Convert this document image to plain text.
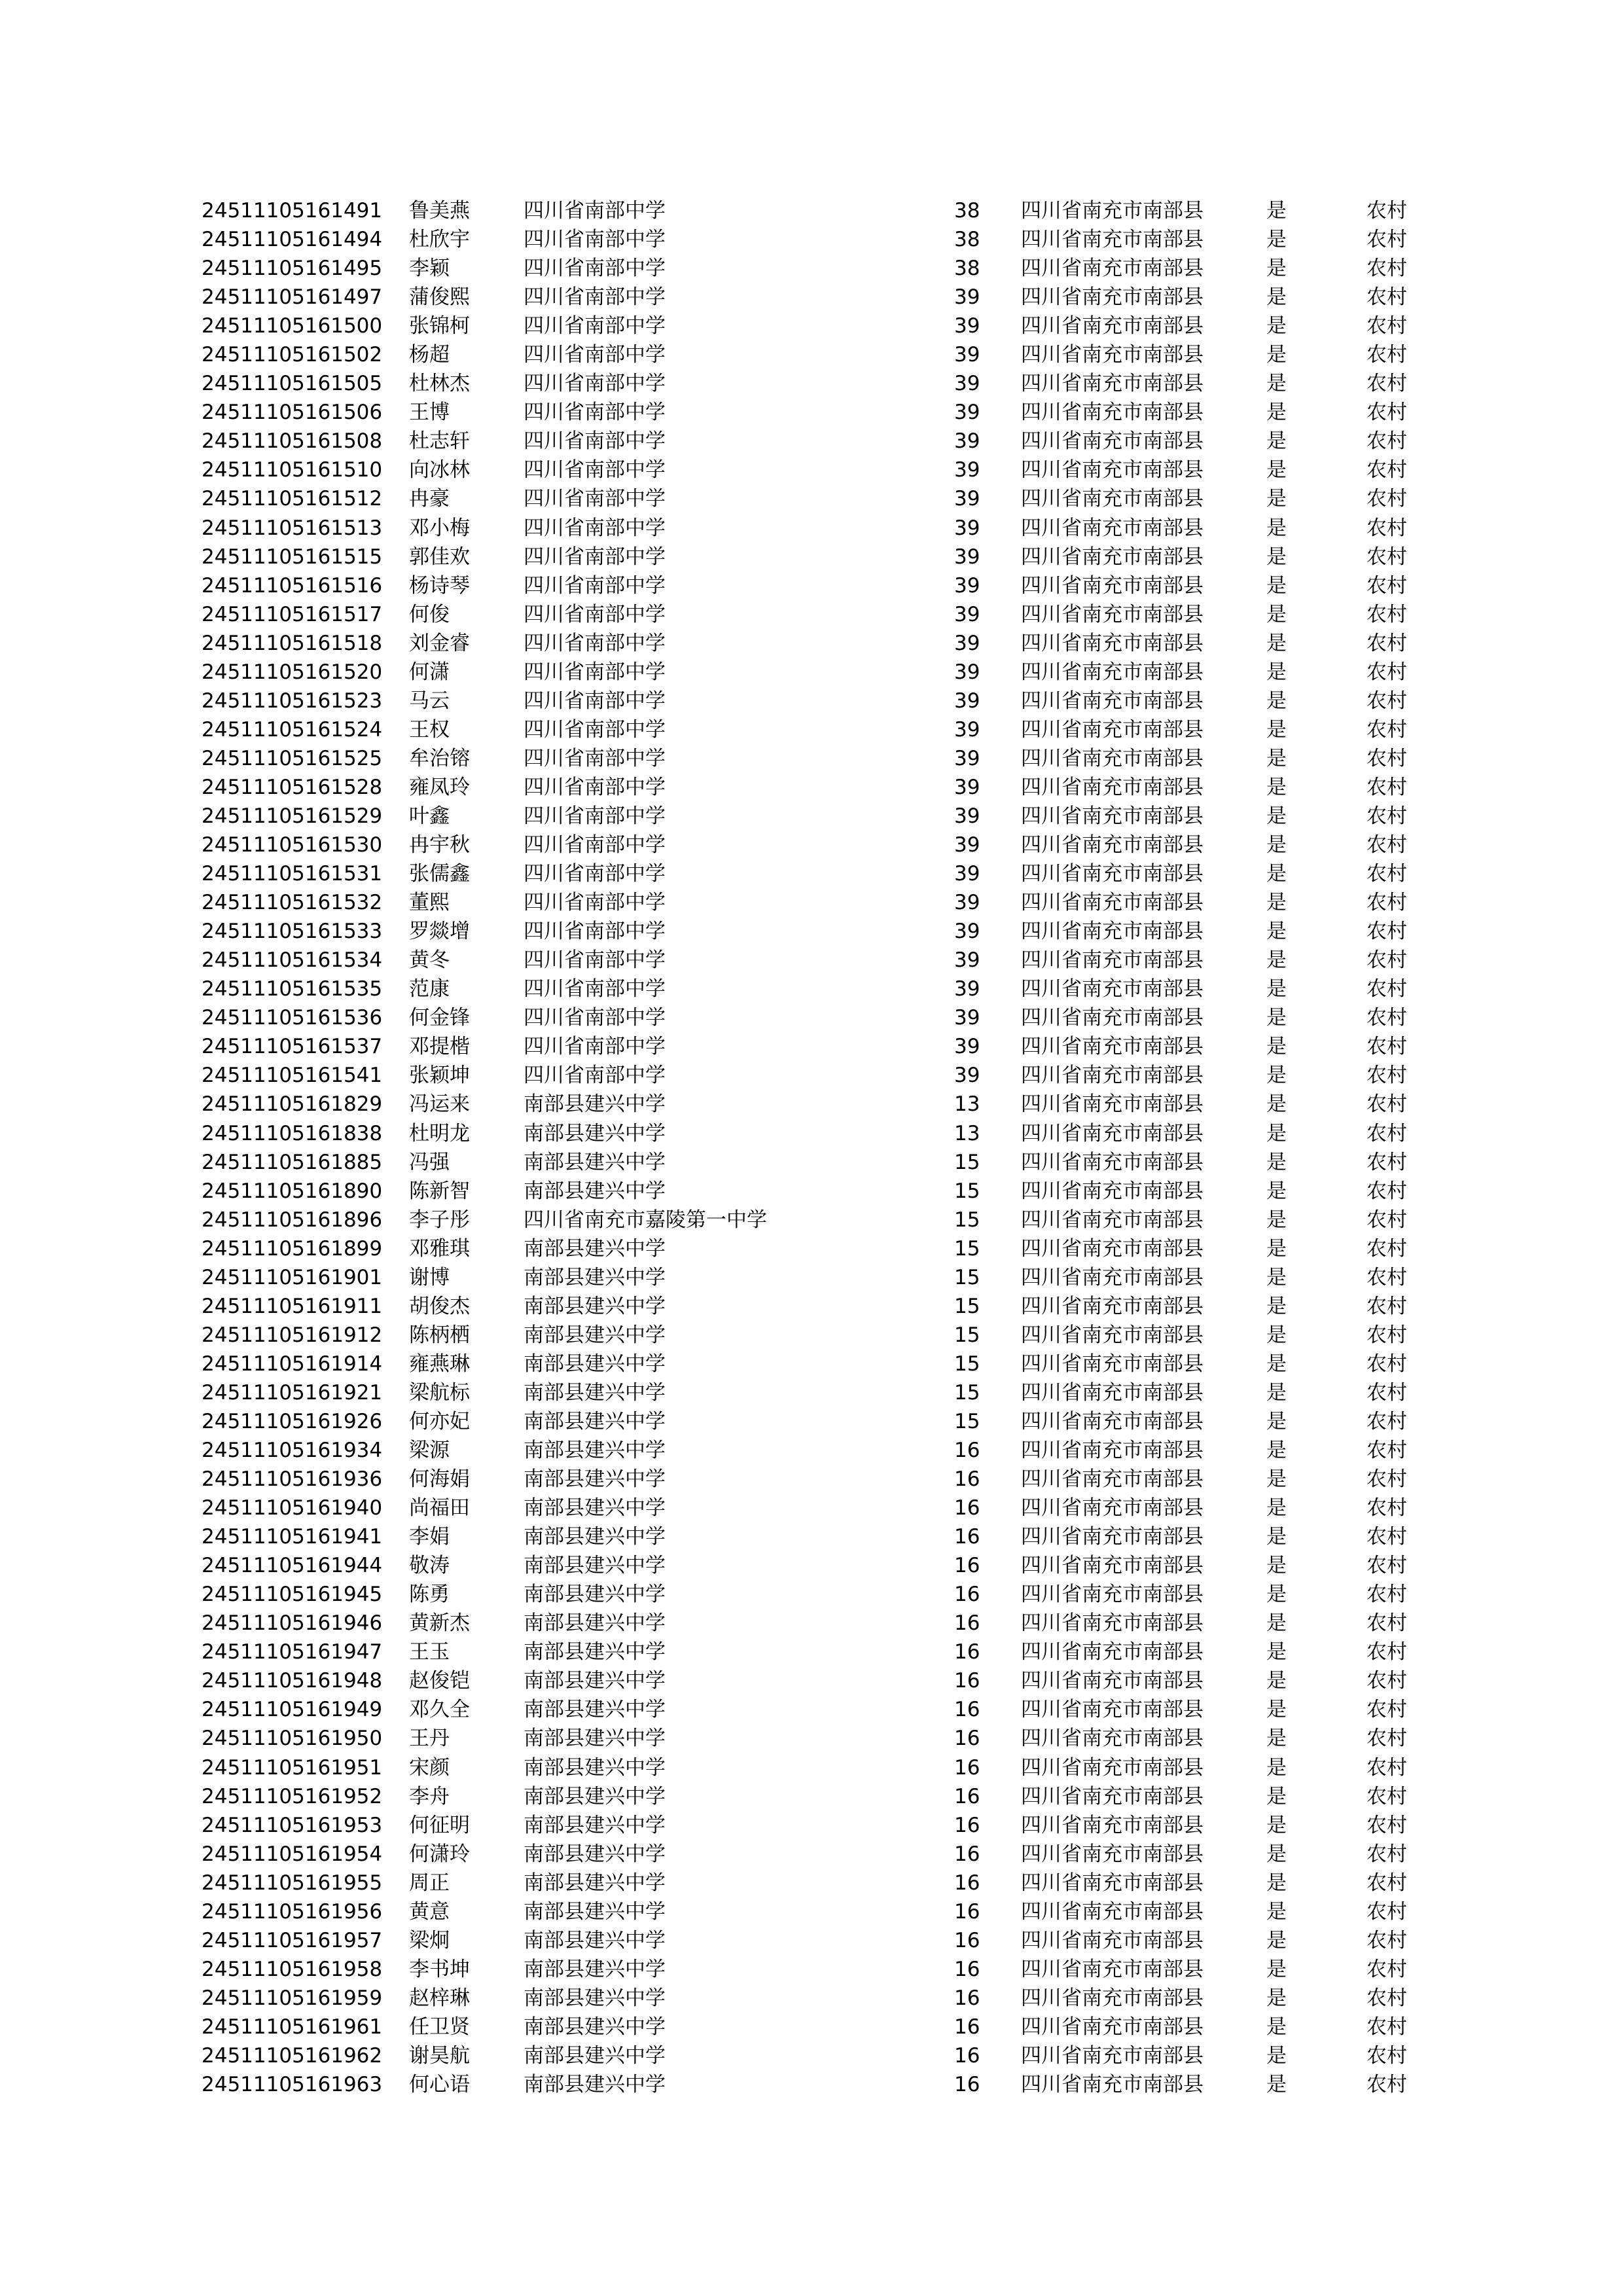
24511105161491 鲁美燕	四川省南部中学	38 四川省南充市南部县	是	农村
24511105161494 杜欣宇	四川省南部中学	38 四川省南充市南部县	是	农村
24511105161495 李颖	四川省南部中学	38 四川省南充市南部县	是	农村
24511105161497 蒲俊熙	四川省南部中学	39 四川省南充市南部县	是	农村
24511105161500 张锦柯	四川省南部中学	39 四川省南充市南部县	是	农村
24511105161502 杨超	四川省南部中学	39 四川省南充市南部县	是	农村
24511105161505 杜林杰	四川省南部中学	39 四川省南充市南部县	是	农村
24511105161506 王博	四川省南部中学	39 四川省南充市南部县	是	农村
24511105161508 杜志轩	四川省南部中学	39 四川省南充市南部县	是	农村
24511105161510 向冰林	四川省南部中学	39 四川省南充市南部县	是	农村
24511105161512 冉豪	四川省南部中学	39 四川省南充市南部县	是	农村
24511105161513 邓小梅	四川省南部中学	39 四川省南充市南部县	是	农村
24511105161515 郭佳欢	四川省南部中学	39 四川省南充市南部县	是	农村
24511105161516 杨诗琴	四川省南部中学	39 四川省南充市南部县	是	农村
24511105161517 何俊	四川省南部中学	39 四川省南充市南部县	是	农村
24511105161518 刘金睿	四川省南部中学	39 四川省南充市南部县	是	农村
24511105161520 何潇	四川省南部中学	39 四川省南充市南部县	是	农村
24511105161523 马云	四川省南部中学	39 四川省南充市南部县	是	农村
24511105161524 王权	四川省南部中学	39 四川省南充市南部县	是	农村
24511105161525 牟治镕	四川省南部中学	39 四川省南充市南部县	是	农村
24511105161528 雍凤玲	四川省南部中学	39 四川省南充市南部县	是	农村
24511105161529 叶鑫	四川省南部中学	39 四川省南充市南部县	是	农村
24511105161530 冉宇秋	四川省南部中学	39 四川省南充市南部县	是	农村
24511105161531 张儒鑫	四川省南部中学	39 四川省南充市南部县	是	农村
24511105161532 董熙	四川省南部中学	39 四川省南充市南部县	是	农村
24511105161533 罗燚增	四川省南部中学	39 四川省南充市南部县	是	农村
24511105161534 黄冬	四川省南部中学	39 四川省南充市南部县	是	农村
24511105161535 范康	四川省南部中学	39 四川省南充市南部县	是	农村
24511105161536 何金锋	四川省南部中学	39 四川省南充市南部县	是	农村
24511105161537 邓提楷	四川省南部中学	39 四川省南充市南部县	是	农村
24511105161541 张颖坤	四川省南部中学	39 四川省南充市南部县	是	农村
24511105161829 冯运来	南部县建兴中学	13 四川省南充市南部县	是	农村
24511105161838 杜明龙	南部县建兴中学	13 四川省南充市南部县	是	农村
24511105161885 冯强	南部县建兴中学	15 四川省南充市南部县	是	农村
24511105161890 陈新智	南部县建兴中学	15 四川省南充市南部县	是	农村
24511105161896 李子彤	四川省南充市嘉陵第一中学	15 四川省南充市南部县	是	农村
24511105161899 邓雅琪	南部县建兴中学	15 四川省南充市南部县	是	农村
24511105161901 谢博	南部县建兴中学	15 四川省南充市南部县	是	农村
24511105161911 胡俊杰	南部县建兴中学	15 四川省南充市南部县	是	农村
24511105161912 陈柄栖	南部县建兴中学	15 四川省南充市南部县	是	农村
24511105161914 雍燕琳	南部县建兴中学	15 四川省南充市南部县	是	农村
24511105161921 梁航标	南部县建兴中学	15 四川省南充市南部县	是	农村
24511105161926 何亦妃	南部县建兴中学	15 四川省南充市南部县	是	农村
24511105161934 梁源	南部县建兴中学	16 四川省南充市南部县	是	农村
24511105161936 何海娟	南部县建兴中学	16 四川省南充市南部县	是	农村
24511105161940 尚福田	南部县建兴中学	16 四川省南充市南部县	是	农村
24511105161941 李娟	南部县建兴中学	16 四川省南充市南部县	是	农村
24511105161944 敬涛	南部县建兴中学	16 四川省南充市南部县	是	农村
24511105161945 陈勇	南部县建兴中学	16 四川省南充市南部县	是	农村
24511105161946 黄新杰	南部县建兴中学	16 四川省南充市南部县	是	农村
24511105161947 王玉	南部县建兴中学	16 四川省南充市南部县	是	农村
24511105161948 赵俊铠	南部县建兴中学	16 四川省南充市南部县	是	农村
24511105161949 邓久全	南部县建兴中学	16 四川省南充市南部县	是	农村
24511105161950 王丹	南部县建兴中学	16 四川省南充市南部县	是	农村
24511105161951 宋颜	南部县建兴中学	16 四川省南充市南部县	是	农村
24511105161952 李舟	南部县建兴中学	16 四川省南充市南部县	是	农村
24511105161953 何征明	南部县建兴中学	16 四川省南充市南部县	是	农村
24511105161954 何潇玲	南部县建兴中学	16 四川省南充市南部县	是	农村
24511105161955 周正	南部县建兴中学	16 四川省南充市南部县	是	农村
24511105161956 黄意	南部县建兴中学	16 四川省南充市南部县	是	农村
24511105161957 梁炯	南部县建兴中学	16 四川省南充市南部县	是	农村
24511105161958 李书坤	南部县建兴中学	16 四川省南充市南部县	是	农村
24511105161959 赵梓琳	南部县建兴中学	16 四川省南充市南部县	是	农村
24511105161961 任卫贤	南部县建兴中学	16 四川省南充市南部县	是	农村
24511105161962 谢昊航	南部县建兴中学	16 四川省南充市南部县	是	农村
24511105161963 何心语	南部县建兴中学	16 四川省南充市南部县	是	农村
